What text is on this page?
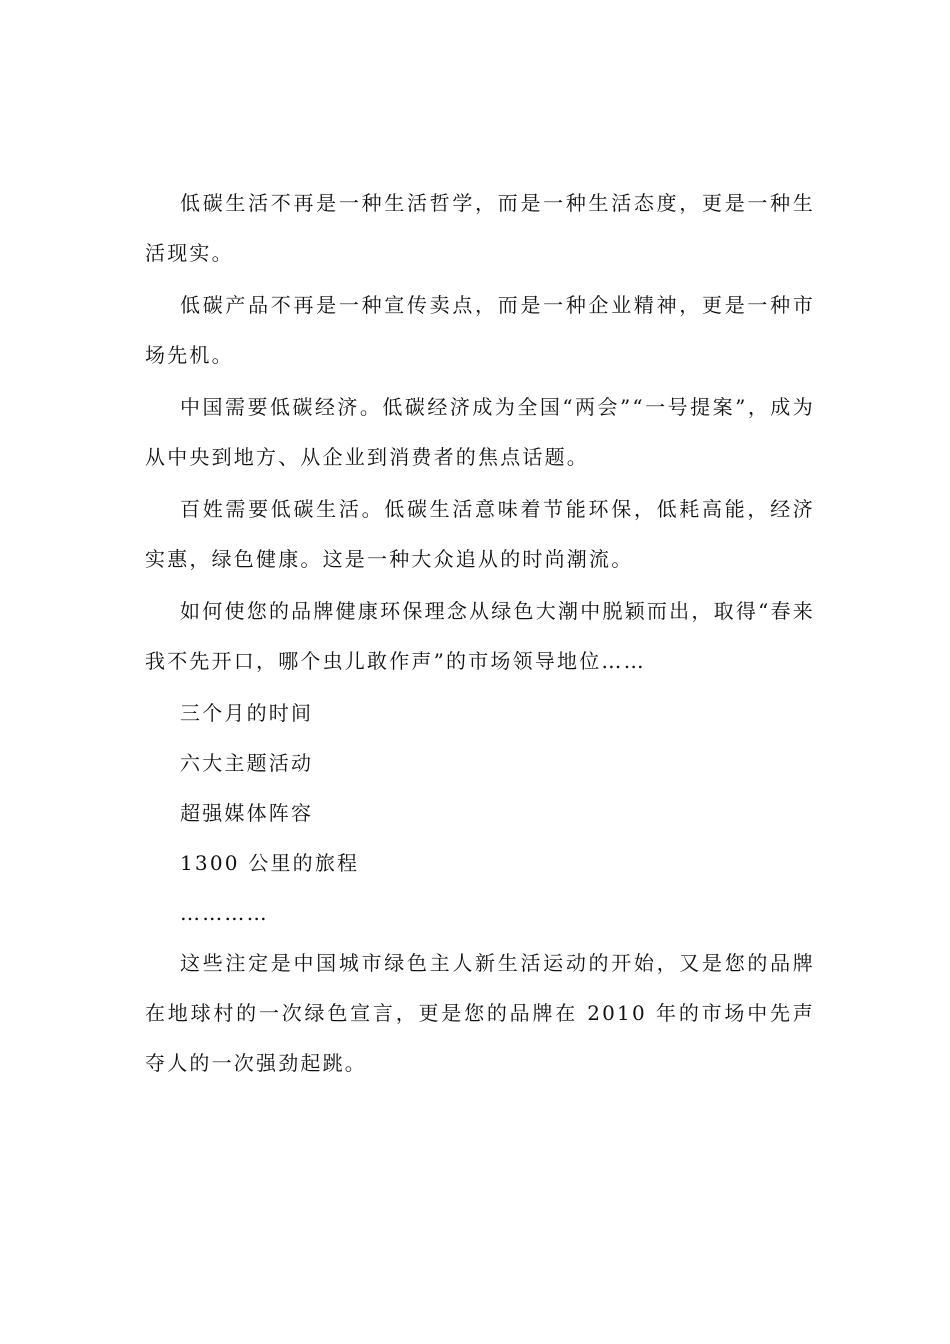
低碳生活不再是一种生活哲学，而是一种生活态度，更是一种生活现实。

低碳产品不再是一种宣传卖点，而是一种企业精神，更是一种市场先机。

中国需要低碳经济。低碳经济成为全国“两会”“一号提案”，成为从中央到地方、从企业到消费者的焦点话题。

百姓需要低碳生活。低碳生活意味着节能环保，低耗高能，经济实惠，绿色健康。这是一种大众追从的时尚潮流。

如何使您的品牌健康环保理念从绿色大潮中脱颖而出，取得“春来我不先开口，哪个虫儿敢作声”的市场领导地位……

三个月的时间

六大主题活动

超强媒体阵容

1300 公里的旅程

…………

这些注定是中国城市绿色主人新生活运动的开始，又是您的品牌在地球村的一次绿色宣言，更是您的品牌在 2010 年的市场中先声夺人的一次强劲起跳。
